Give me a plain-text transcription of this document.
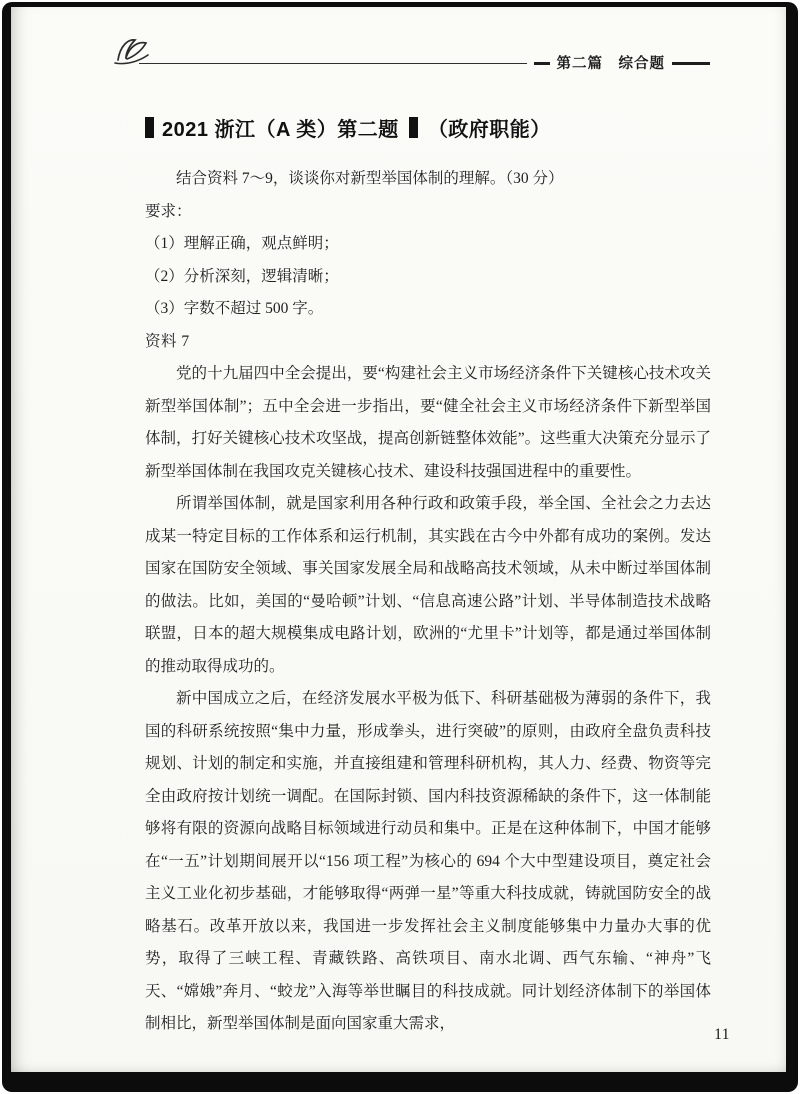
第二篇　综合题
2021 浙江（A 类）第二题 （政府职能）
结合资料 7～9，谈谈你对新型举国体制的理解。（30 分）
要求：
（1）理解正确，观点鲜明；
（2）分析深刻，逻辑清晰；
（3）字数不超过 500 字。
资料 7

党的十九届四中全会提出，要“构建社会主义市场经济条件下关键核心技术攻关新型举国体制”；五中全会进一步指出，要“健全社会主义市场经济条件下新型举国体制，打好关键核心技术攻坚战，提高创新链整体效能”。这些重大决策充分显示了新型举国体制在我国攻克关键核心技术、建设科技强国进程中的重要性。

所谓举国体制，就是国家利用各种行政和政策手段，举全国、全社会之力去达成某一特定目标的工作体系和运行机制，其实践在古今中外都有成功的案例。发达国家在国防安全领域、事关国家发展全局和战略高技术领域，从未中断过举国体制的做法。比如，美国的“曼哈顿”计划、“信息高速公路”计划、半导体制造技术战略联盟，日本的超大规模集成电路计划，欧洲的“尤里卡”计划等，都是通过举国体制的推动取得成功的。

新中国成立之后，在经济发展水平极为低下、科研基础极为薄弱的条件下，我国的科研系统按照“集中力量，形成拳头，进行突破”的原则，由政府全盘负责科技规划、计划的制定和实施，并直接组建和管理科研机构，其人力、经费、物资等完全由政府按计划统一调配。在国际封锁、国内科技资源稀缺的条件下，这一体制能够将有限的资源向战略目标领域进行动员和集中。正是在这种体制下，中国才能够在“一五”计划期间展开以“156 项工程”为核心的 694 个大中型建设项目，奠定社会主义工业化初步基础，才能够取得“两弹一星”等重大科技成就，铸就国防安全的战略基石。改革开放以来，我国进一步发挥社会主义制度能够集中力量办大事的优势，取得了三峡工程、青藏铁路、高铁项目、南水北调、西气东输、“神舟”飞天、“嫦娥”奔月、“蛟龙”入海等举世瞩目的科技成就。同计划经济体制下的举国体制相比，新型举国体制是面向国家重大需求，

11
